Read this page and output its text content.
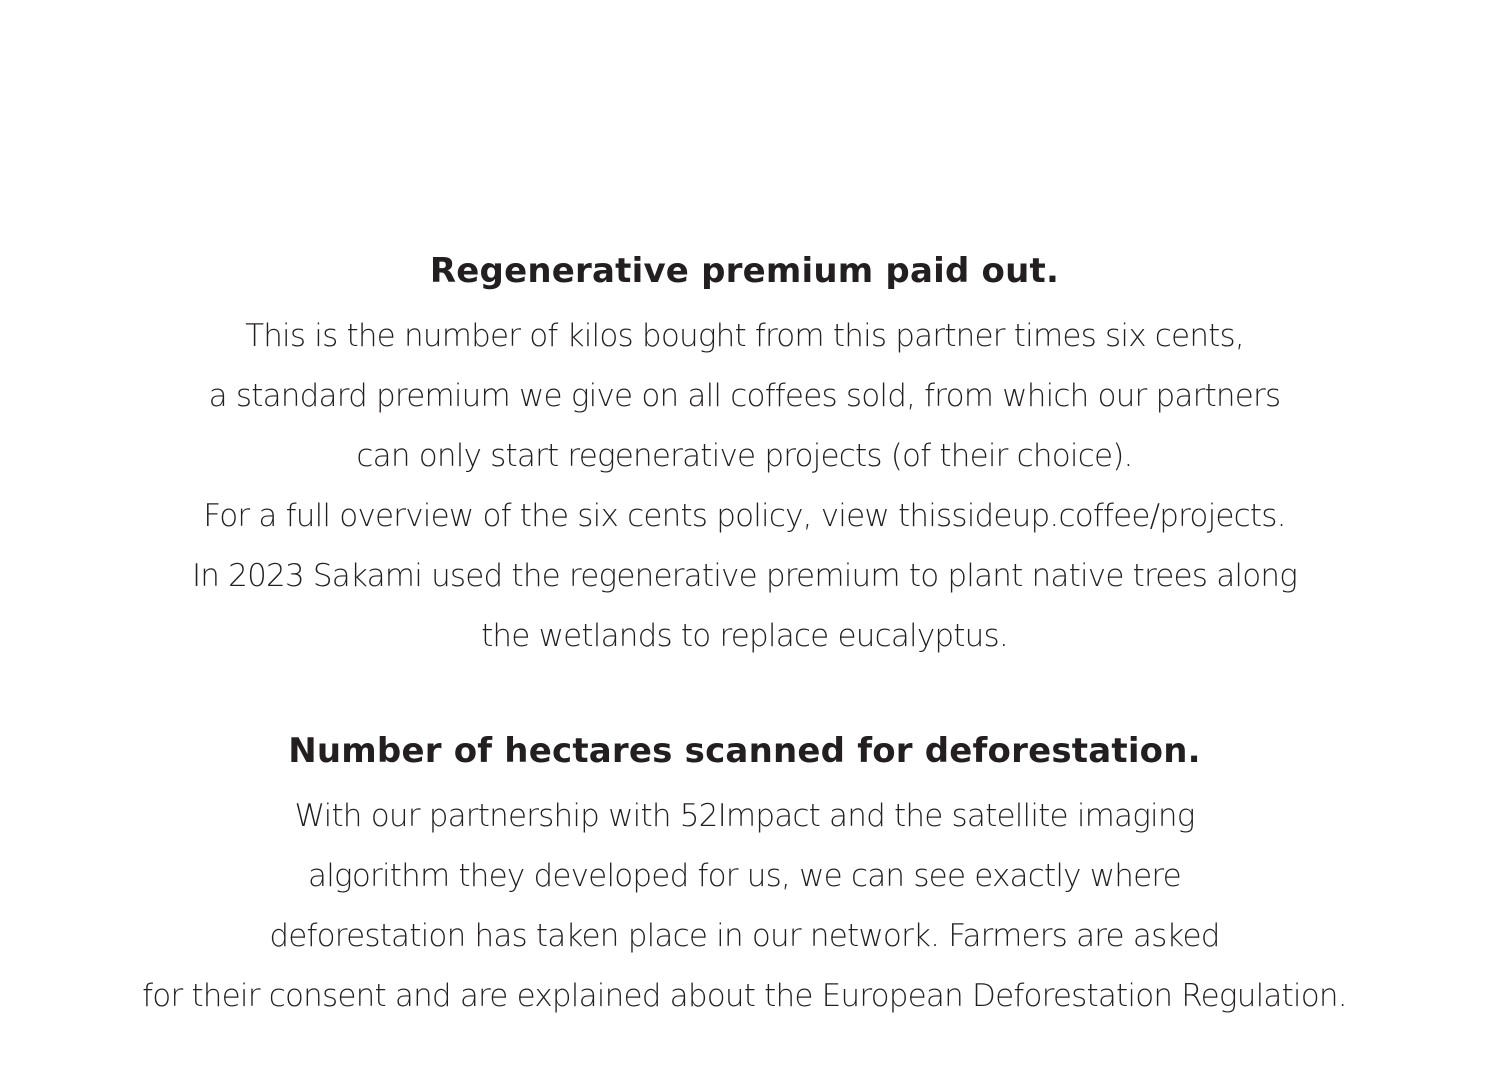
Regenerative premium paid out.
This is the number of kilos bought from this partner times six cents,
a standard premium we give on all coffees sold, from which our partners
can only start regenerative projects (of their choice).
For a full overview of the six cents policy, view thissideup.coffee/projects.
In 2023 Sakami used the regenerative premium to plant native trees along
the wetlands to replace eucalyptus.
Number of hectares scanned for deforestation.
With our partnership with 52Impact and the satellite imaging
algorithm they developed for us, we can see exactly where
deforestation has taken place in our network. Farmers are asked
for their consent and are explained about the European Deforestation Regulation.
